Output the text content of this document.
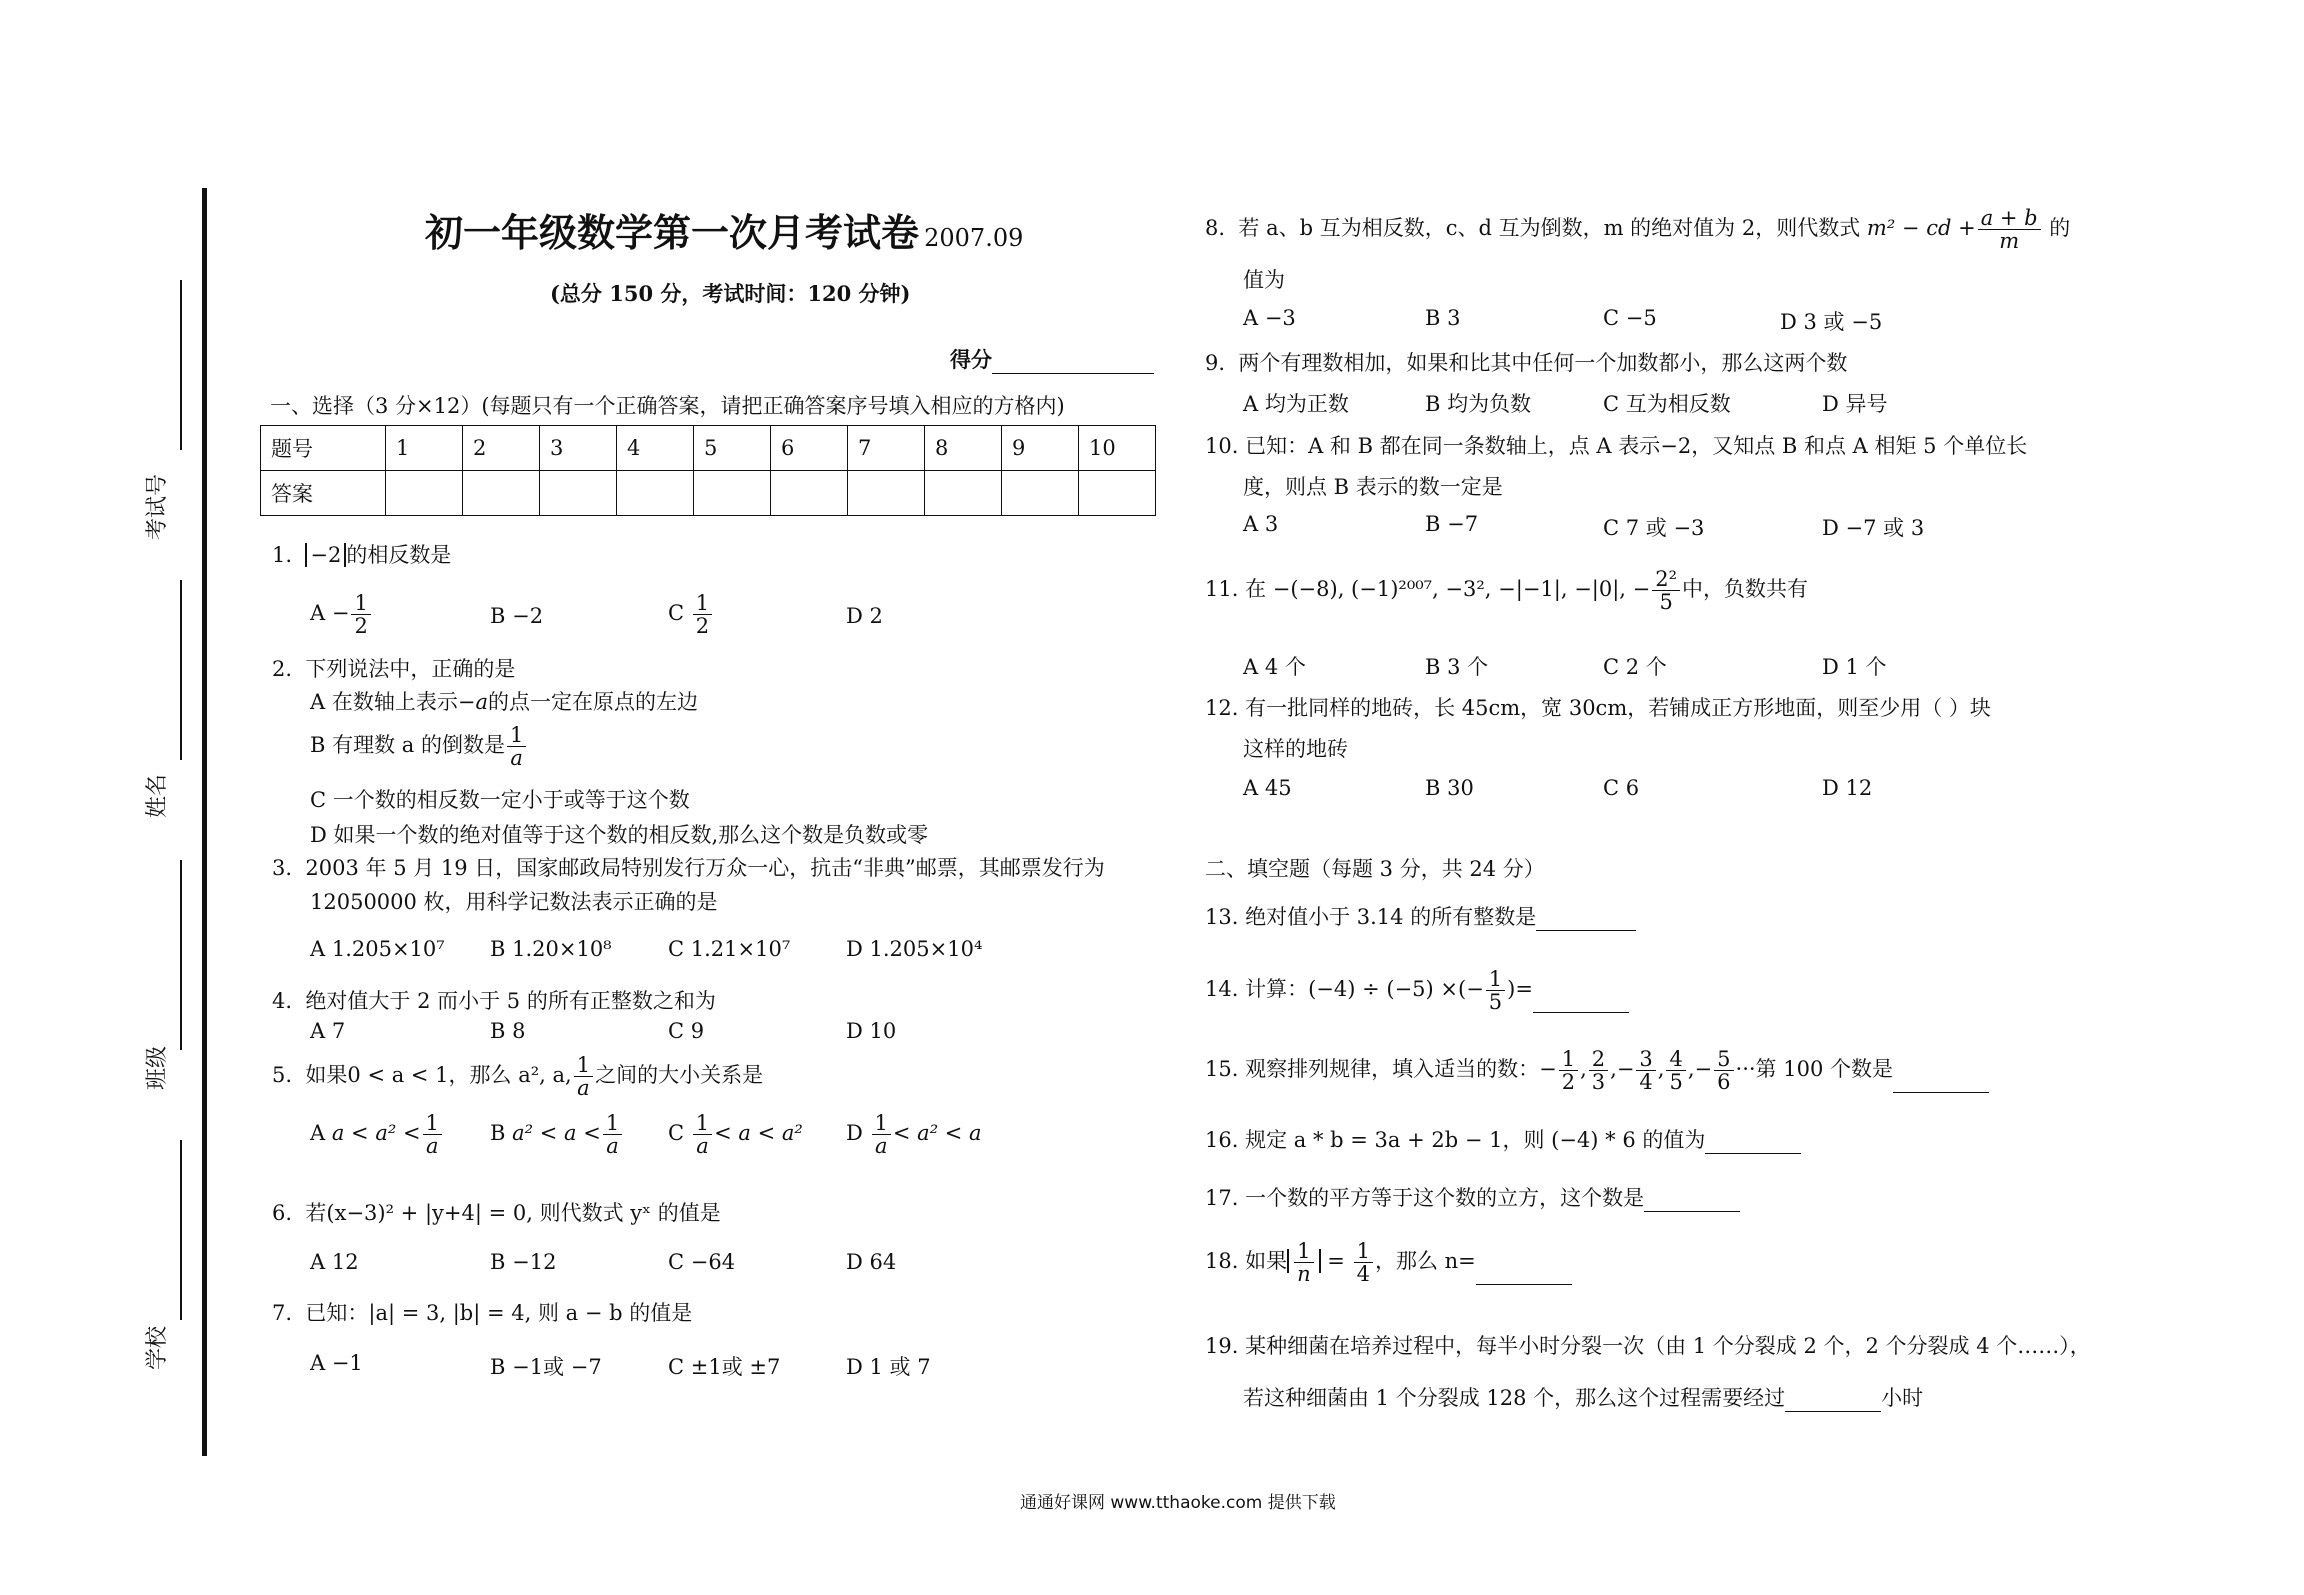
考试号
姓名
班级
学校
初一年级数学第一次月考试卷 2007.09
(总分 150 分，考试时间：120 分钟)
得分
一、选择（3 分×12）(每题只有一个正确答案，请把正确答案序号填入相应的方格内)
题号	1	2	3	4	5	6	7	8	9	10
答案										
1. −2 的相反数是
$A - \frac{1}{2}$	B −2	C $\frac{1}{2}$	D 2
2. 下列说法中，正确的是
A 在数轴上表示−a的点一定在原点的左边
B 有理数 a 的倒数是 $\frac{1}{a}$
C 一个数的相反数一定小于或等于这个数
D 如果一个数的绝对值等于这个数的相反数,那么这个数是负数或零
3. 2003 年 5 月 19 日，国家邮政局特别发行万众一心，抗击“非典”邮票，其邮票发行为
12050000 枚，用科学记数法表示正确的是
A 1.205×10⁷ B 1.20×10⁸	C 1.21×10⁷	D 1.205×10⁴
4. 绝对值大于 2 而小于 5 的所有正整数之和为
A 7	B 8	C 9	D 10
5. 如果0 < a < 1，那么 a², a, $\frac{1}{a}$ 之间的大小关系是
A $a < a^2 < \frac{1}{a}$ B $a^2 < a < \frac{1}{a}$ C $\frac{1}{a} < a < a^2$ D $\frac{1}{a} < a^2 < a$
6. 若(x−3)² + |y+4| = 0, 则代数式 yˣ 的值是
A 12	B −12	C −64	D 64
7. 已知：|a| = 3, |b| = 4, 则 a − b 的值是
A −1	B −1或 −7	C ±1或 ±7	D 1 或 7
8. 若 a、b 互为相反数，c、d 互为倒数，m 的绝对值为 2，则代数式 m² − cd + $\frac{a + b}{m}$ 的
值为
A −3	B 3	C −5	D 3 或 −5
9. 两个有理数相加，如果和比其中任何一个加数都小，那么这两个数
A 均为正数	B 均为负数	C 互为相反数	D 异号
10. 已知：A 和 B 都在同一条数轴上，点 A 表示−2，又知点 B 和点 A 相矩 5 个单位长
度，则点 B 表示的数一定是
A 3	B −7	C 7 或 −3	D −7 或 3
11. 在 −(−8), (−1)²⁰⁰⁷, −3², −|−1|, −|0|, − $\frac{\text{2²}}{5}$ 中，负数共有
A 4 个	B 3 个	C 2 个	D 1 个
12. 有一批同样的地砖，长 45cm，宽 30cm，若铺成正方形地面，则至少用（ ）块
这样的地砖
A 45	B 30	C 6	D 12
二、填空题（每题 3 分，共 24 分）
13. 绝对值小于 3.14 的所有整数是
14. 计算：(−4) ÷ (−5) ×(− $\frac{1}{5}$ )=
15. 观察排列规律，填入适当的数：− $\frac{1}{2}$ , $\frac{2}{3}$ ,− $\frac{3}{4}$ , $\frac{4}{5}$ ,− $\frac{5}{6}$ ···第 100 个数是
16. 规定 a * b = 3a + 2b − 1，则 (−4) * 6 的值为
17. 一个数的平方等于这个数的立方，这个数是
18. 如果 $\frac{1}{n} = \frac{1}{4}$ ，那么 n=
19. 某种细菌在培养过程中，每半小时分裂一次（由 1 个分裂成 2 个，2 个分裂成 4 个……），
若这种细菌由 1 个分裂成 128 个，那么这个过程需要经过	小时
通通好课网 www.tthaoke.com 提供下载
